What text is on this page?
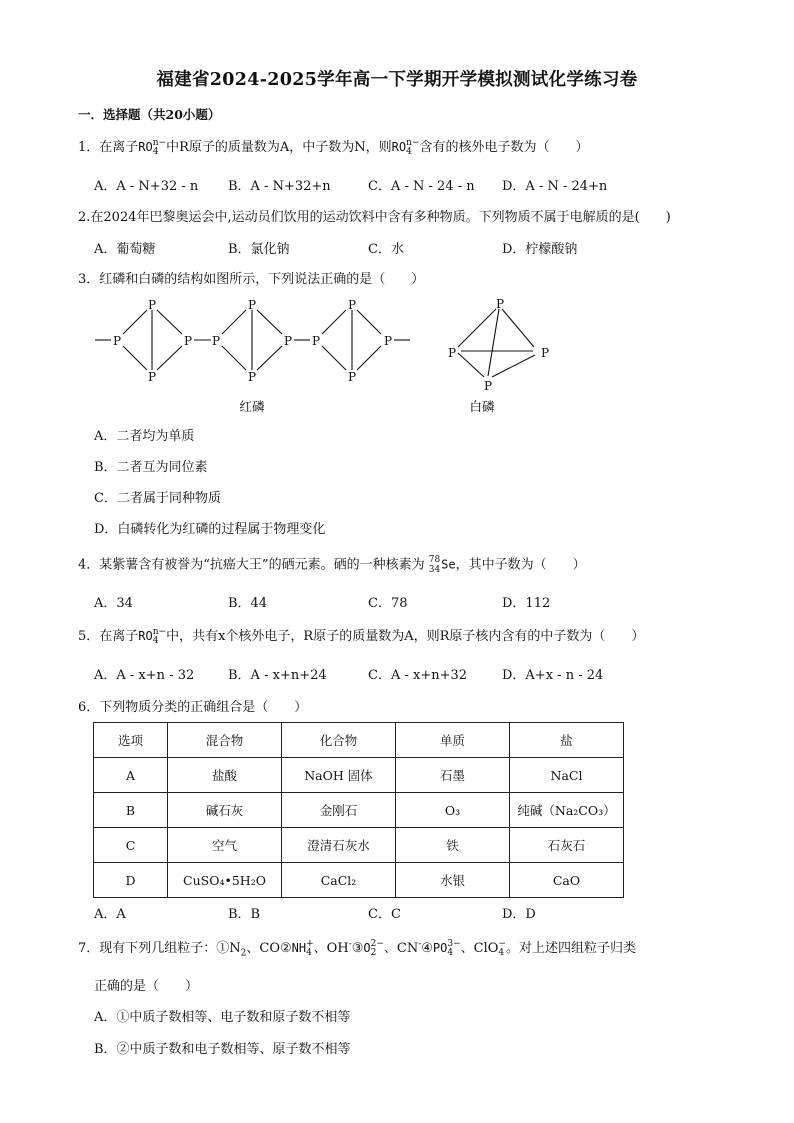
福建省2024-2025学年高一下学期开学模拟测试化学练习卷
一．选择题（共20小题）
1．在离子RO n−
4 中R原子的质量数为A，中子数为N，则RO n−
4 含有的核外电子数为（　　）
A．A - N+32 - n B．A - N+32+n	C．A - N - 24 - n D．A - N - 24+n
2.在2024年巴黎奥运会中,运动员们饮用的运动饮料中含有多种物质。下列物质不属于电解质的是(　　)
A．葡萄糖	B．氯化钠	C．水	D．柠檬酸钠
3．红磷和白磷的结构如图所示，下列说法正确的是（　　）
P
P
P
P P
P
P
P P
P
P
P
红磷
P
P	P
P
白磷
A．二者均为单质
B．二者互为同位素
C．二者属于同种物质
D．白磷转化为红磷的过程属于物理变化
4．某紫薯含有被誉为“抗癌大王”的硒元素。硒的一种核素为 78
34 Se，其中子数为（　　）
A．34	B．44	C．78	D．112
5．在离子RO n−
4 中，共有x个核外电子，R原子的质量数为A，则R原子核内含有的中子数为（　　）
A．A - x+n - 32	B．A - x+n+24	C．A - x+n+32	D．A+x - n - 24
6．下列物质分类的正确组合是（　　）
选项	混合物	化合物	单质	盐
A	盐酸	NaOH 固体	石墨	NaCl
B	碱石灰	金刚石	O₃	纯碱（Na₂CO₃）
C	空气	澄清石灰水	铁	石灰石
D	CuSO₄•5H₂O	CaCl₂	水银	CaO
A．A	B．B	C．C	D．D
7．现有下列几组粒子：$①N_2$、CO②NH +
4 、OH-③O 2−
2 、CN-④PO 3−
4 、ClO −
4 。对上述四组粒子归类
正确的是（　　）
A．①中质子数相等、电子数和原子数不相等
B．②中质子数和电子数相等、原子数不相等
